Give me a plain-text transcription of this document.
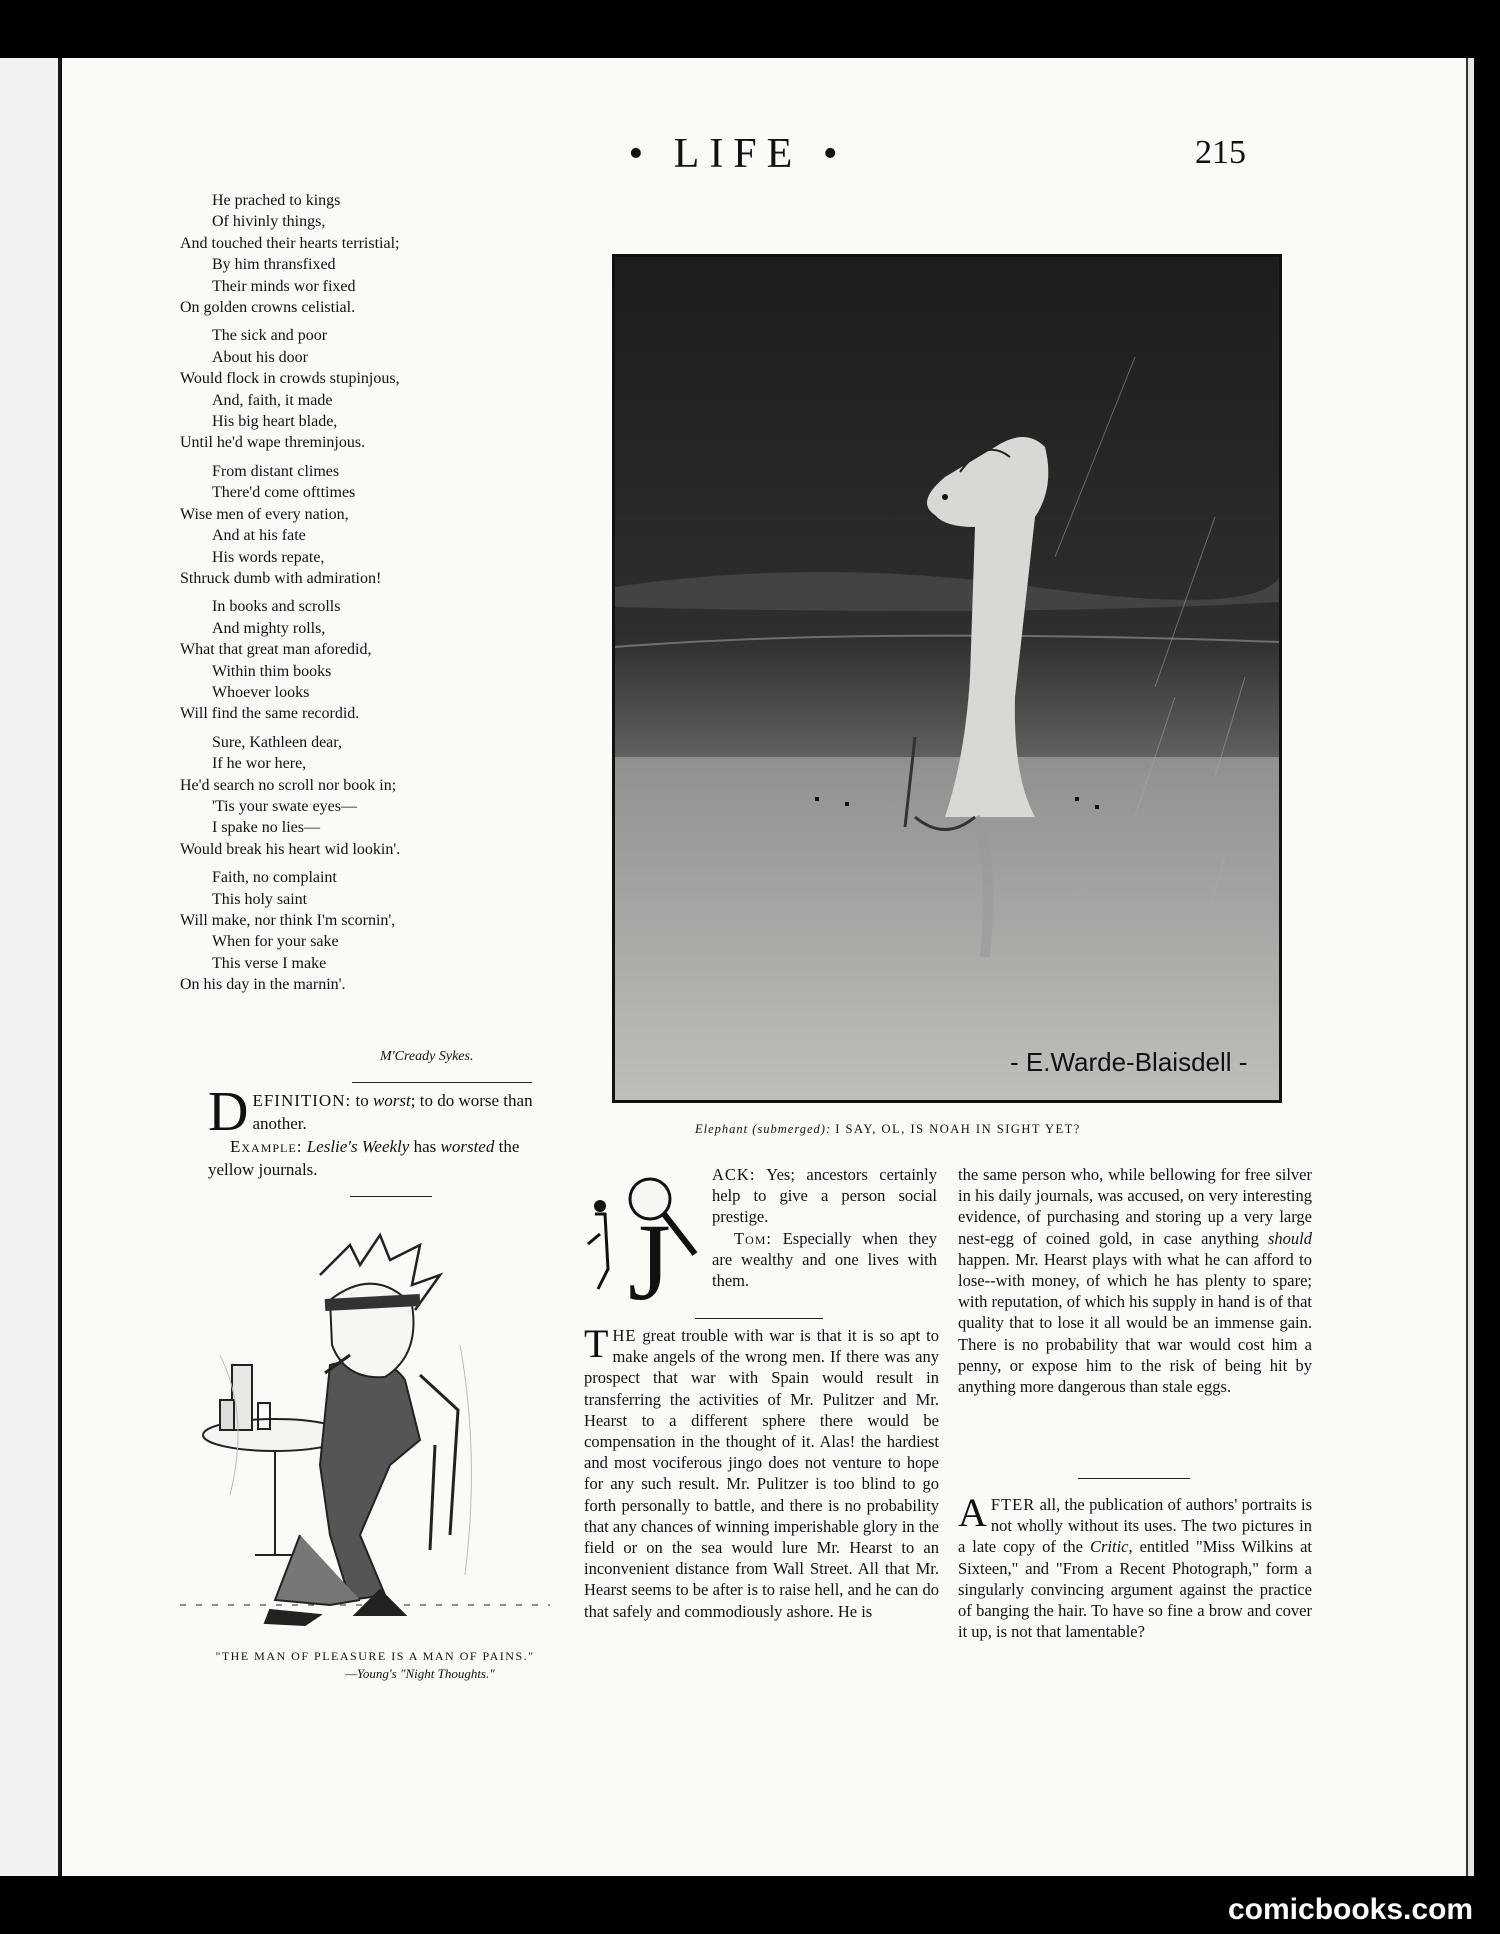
• LIFE •	215
He prached to kings
Of hivinly things,
And touched their hearts terristial;
By him thransfixed
Their minds wor fixed
On golden crowns celistial.
The sick and poor
About his door
Would flock in crowds stupinjous,
And, faith, it made
His big heart blade,
Until he'd wape threminjous.
From distant climes
There'd come ofttimes
Wise men of every nation,
And at his fate
His words repate,
Sthruck dumb with admiration!
In books and scrolls
And mighty rolls,
What that great man aforedid,
Within thim books
Whoever looks
Will find the same recordid.
Sure, Kathleen dear,
If he wor here,
He'd search no scroll nor book in;
'Tis your swate eyes—
I spake no lies—
Would break his heart wid lookin'.
Faith, no complaint
This holy saint
Will make, nor think I'm scornin',
When for your sake
This verse I make
On his day in the marnin'.
M'Cready Sykes.
DEFINITION: to worst; to do worse than another.
Example: Leslie's Weekly has worsted the yellow journals.
"THE MAN OF PLEASURE IS A MAN OF PAINS."
—Young's "Night Thoughts."
- E.Warde-Blaisdell -
Elephant (submerged): I SAY, OL, IS NOAH IN SIGHT YET?
J
ACK: Yes; ancestors certainly help to give a person social prestige.
Tom: Especially when they are wealthy and one lives with them.
THE great trouble with war is that it is so apt to make angels of the wrong men. If there was any prospect that war with Spain would result in transferring the activities of Mr. Pulitzer and Mr. Hearst to a different sphere there would be compensation in the thought of it. Alas! the hardiest and most vociferous jingo does not venture to hope for any such result. Mr. Pulitzer is too blind to go forth personally to battle, and there is no probability that any chances of winning imperishable glory in the field or on the sea would lure Mr. Hearst to an inconvenient distance from Wall Street. All that Mr. Hearst seems to be after is to raise hell, and he can do that safely and commodiously ashore. He is
the same person who, while bellowing for free silver in his daily journals, was accused, on very interesting evidence, of purchasing and storing up a very large nest-egg of coined gold, in case anything should happen. Mr. Hearst plays with what he can afford to lose--with money, of which he has plenty to spare; with reputation, of which his supply in hand is of that quality that to lose it all would be an immense gain. There is no probability that war would cost him a penny, or expose him to the risk of being hit by anything more dangerous than stale eggs.
AFTER all, the publication of authors' portraits is not wholly without its uses. The two pictures in a late copy of the Critic, entitled "Miss Wilkins at Sixteen," and "From a Recent Photograph," form a singularly convincing argument against the practice of banging the hair. To have so fine a brow and cover it up, is not that lamentable?
comicbooks.com
